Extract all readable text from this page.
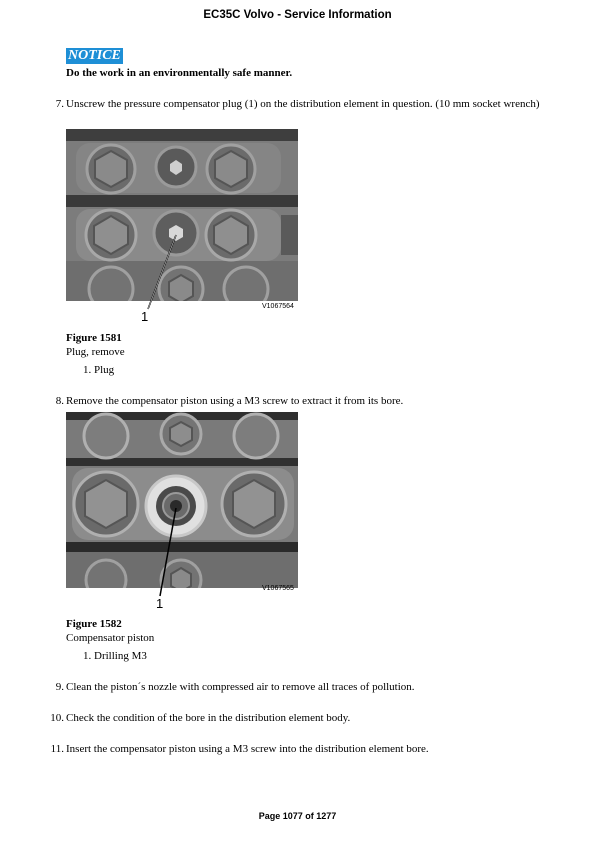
EC35C Volvo - Service Information
NOTICE
Do the work in an environmentally safe manner.
7. Unscrew the pressure compensator plug (1) on the distribution element in question. (10 mm socket wrench)
1
V1067564
Figure 1581
Plug, remove
1. Plug
8. Remove the compensator piston using a M3 screw to extract it from its bore.
1
V1067565
Figure 1582
Compensator piston
1. Drilling M3
9. Clean the piston´s nozzle with compressed air to remove all traces of pollution.
10. Check the condition of the bore in the distribution element body.
11. Insert the compensator piston using a M3 screw into the distribution element bore.
Page 1077 of 1277
